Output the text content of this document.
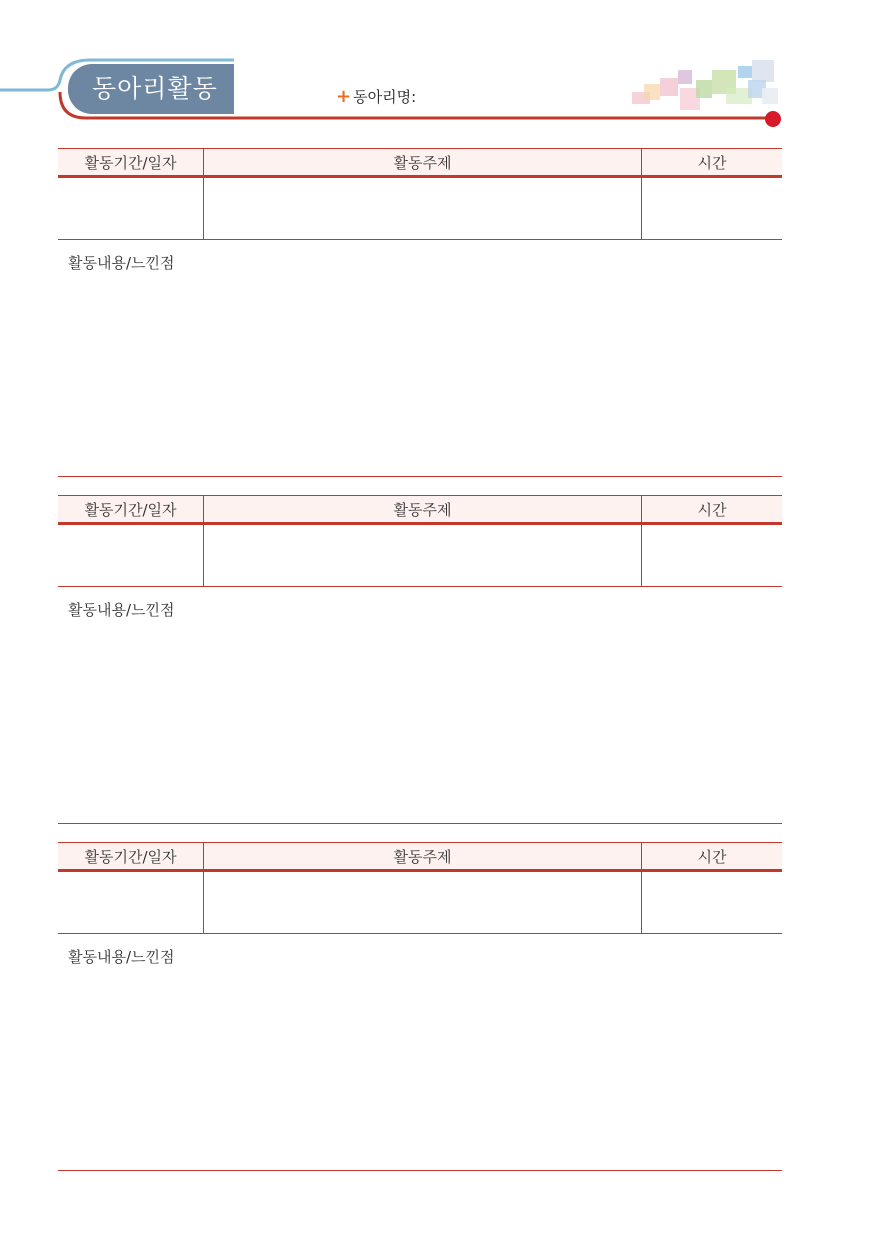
동아리활동	+ 동아리명:
활동기간/일자	활동주제	시간
활동내용/느낀점
활동기간/일자	활동주제	시간
활동내용/느낀점
활동기간/일자	활동주제	시간
활동내용/느낀점
